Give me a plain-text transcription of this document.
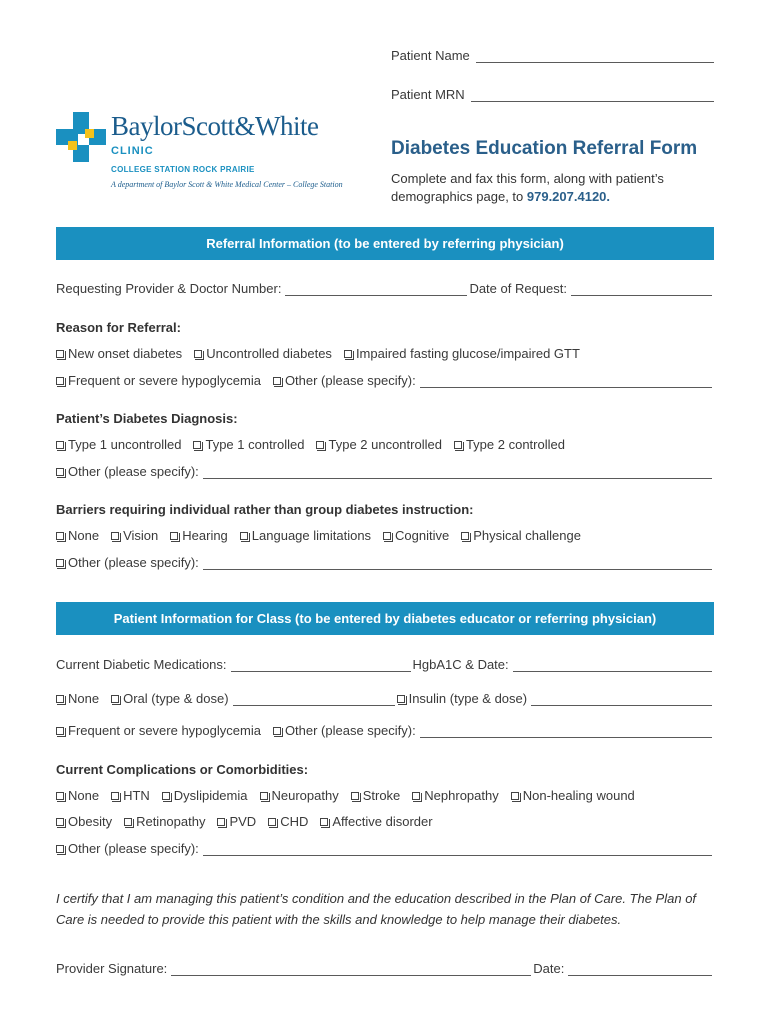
Patient Name
Patient MRN
BaylorScott&White
CLINIC
COLLEGE STATION ROCK PRAIRIE
A department of Baylor Scott & White Medical Center – College Station
Diabetes Education Referral Form
Complete and fax this form, along with patient’s demographics page, to 979.207.4120.
Referral Information (to be entered by referring physician)
Requesting Provider & Doctor Number:	Date of Request:
Reason for Referral:
New onset diabetes Uncontrolled diabetes Impaired fasting glucose/impaired GTT
Frequent or severe hypoglycemia Other (please specify):
Patient’s Diabetes Diagnosis:
Type 1 uncontrolled Type 1 controlled Type 2 uncontrolled Type 2 controlled
Other (please specify):
Barriers requiring individual rather than group diabetes instruction:
None Vision Hearing Language limitations Cognitive Physical challenge
Other (please specify):
Patient Information for Class (to be entered by diabetes educator or referring physician)
Current Diabetic Medications:	HgbA1C & Date:
None Oral (type & dose)	Insulin (type & dose)
Frequent or severe hypoglycemia Other (please specify):
Current Complications or Comorbidities:
None HTN Dyslipidemia Neuropathy Stroke Nephropathy Non-healing wound
Obesity Retinopathy PVD CHD Affective disorder
Other (please specify):
I certify that I am managing this patient’s condition and the education described in the Plan of Care. The Plan of Care is needed to provide this patient with the skills and knowledge to help manage their diabetes.
Provider Signature:	Date:
